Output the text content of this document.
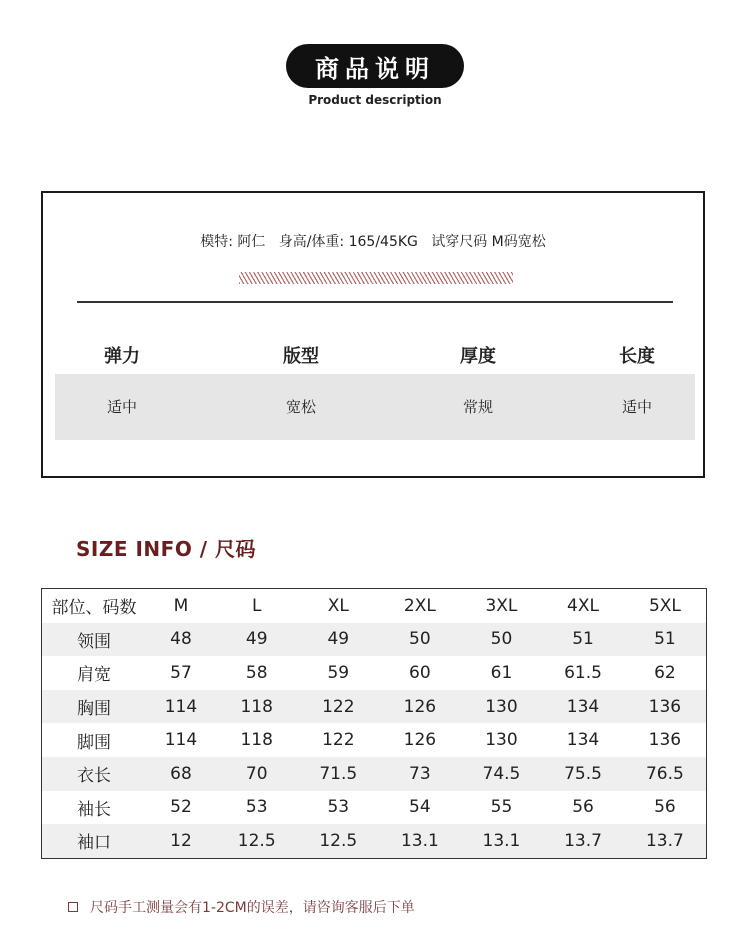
商品说明
Product description
模特: 阿仁   身高/体重: 165/45KG   试穿尺码 M码宽松
弹力	版型	厚度	长度
适中	宽松	常规	适中
SIZE INFO / 尺码
部位、码数	M	L	XL	2XL	3XL	4XL	5XL
领围	48	49	49	50	50	51	51
肩宽	57	58	59	60	61	61.5	62
胸围	114	118	122	126	130	134	136
脚围	114	118	122	126	130	134	136
衣长	68	70	71.5	73	74.5	75.5	76.5
袖长	52	53	53	54	55	56	56
袖口	12	12.5	12.5	13.1	13.1	13.7	13.7
尺码手工测量会有1-2CM的误差，请咨询客服后下单
